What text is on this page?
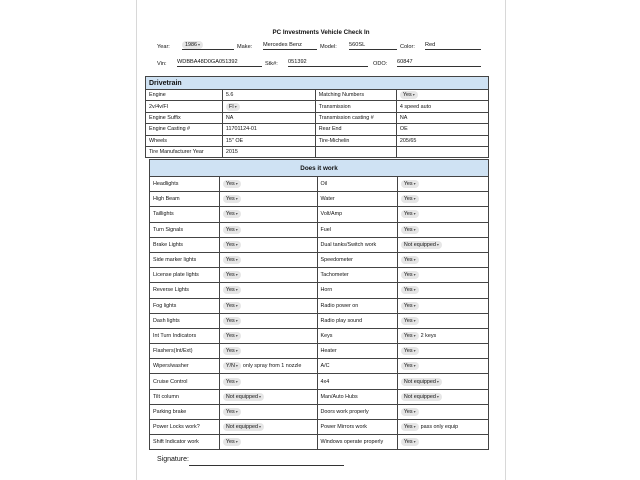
PC Investments Vehicle Check In
Year:	1986▾	Make: Mercedes Benz	Model: 560SL	Color: Red
Vin: WDBBA48D0GA051392	Stk#: 051392	ODO: 60847
Drivetrain			
Engine	5.6	Matching Numbers	Yes▾
2v/4v/FI	FI▾	Transmission	4 speed auto
Engine Suffix	NA	Transmission casting #	NA
Engine Casting #	11701124-01	Rear End	OE
Wheels	15" OE	Tire-Michelin	205/65
Tire Manufacturer Year	2015		
Does it work			
Headlights	Yes▾	Oil	Yes▾
High Beam	Yes▾	Water	Yes▾
Taillights	Yes▾	Volt/Amp	Yes▾
Turn Signals	Yes▾	Fuel	Yes▾
Brake Lights	Yes▾	Dual tanks/Switch work	Not equipped▾
Side marker lights	Yes▾	Speedometer	Yes▾
License plate lights	Yes▾	Tachometer	Yes▾
Reverse Lights	Yes▾	Horn	Yes▾
Fog lights	Yes▾	Radio power on	Yes▾
Dash lights	Yes▾	Radio play sound	Yes▾
Int Turn Indicators	Yes▾	Keys	Yes▾ 2 keys
Flashers(Int/Ext)	Yes▾	Heater	Yes▾
Wipers/washer	Y/N▾ only spray from 1 nozzle	A/C	Yes▾
Cruise Control	Yes▾	4x4	Not equipped▾
Tilt column	Not equipped▾	Man/Auto Hubs	Not equipped▾
Parking brake	Yes▾	Doors work properly	Yes▾
Power Locks work?	Not equipped▾	Power Mirrors work	Yes▾ pass only equip
Shift Indicator work	Yes▾	Windows operate properly	Yes▾
Signature:
